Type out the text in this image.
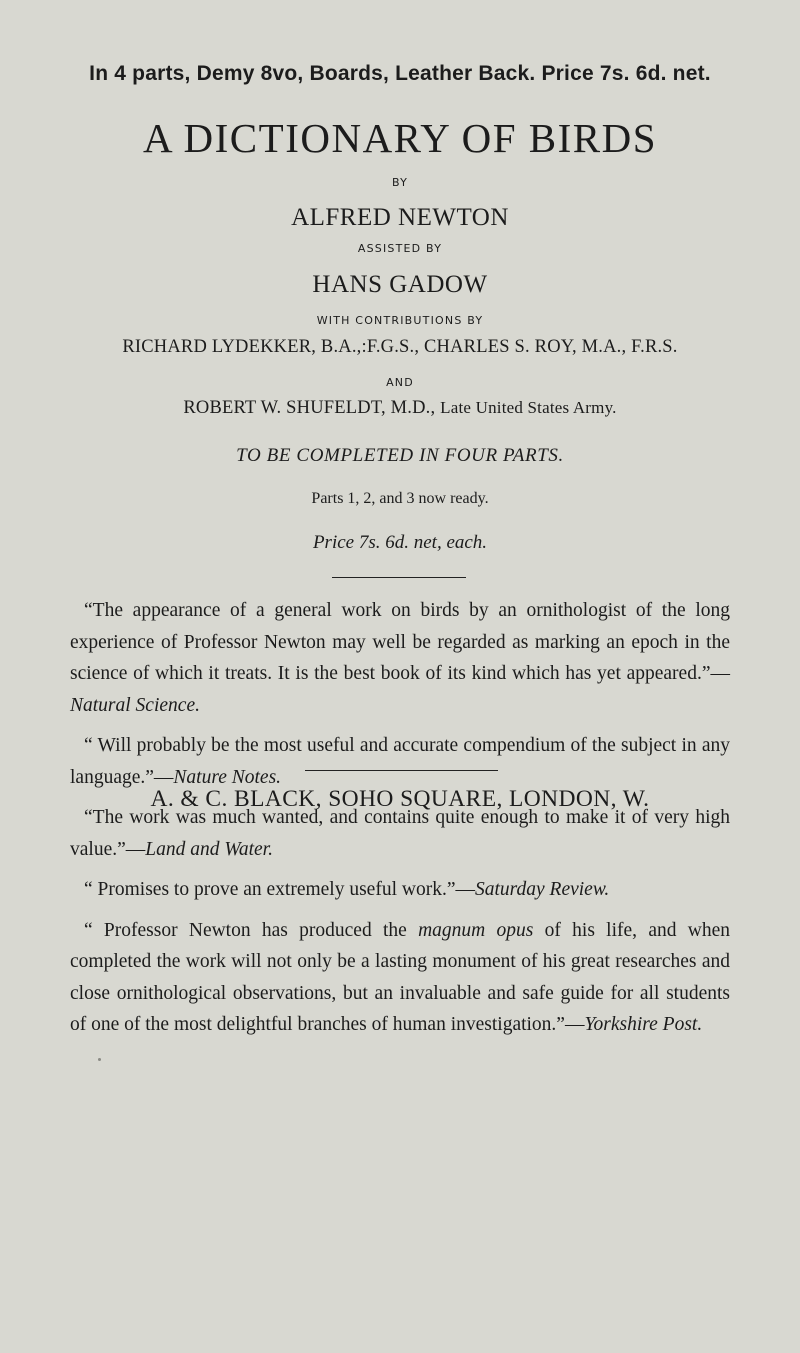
In 4 parts, Demy 8vo, Boards, Leather Back. Price 7s. 6d. net.
A DICTIONARY OF BIRDS
BY
ALFRED NEWTON
ASSISTED BY
HANS GADOW
WITH CONTRIBUTIONS BY
RICHARD LYDEKKER, B.A.,:F.G.S., CHARLES S. ROY, M.A., F.R.S.
AND
ROBERT W. SHUFELDT, M.D., Late United States Army.
TO BE COMPLETED IN FOUR PARTS.
Parts 1, 2, and 3 now ready.
Price 7s. 6d. net, each.

“The appearance of a general work on birds by an ornithologist of the long experience of Professor Newton may well be regarded as marking an epoch in the science of which it treats. It is the best book of its kind which has yet appeared.”—Natural Science.

“ Will probably be the most useful and accurate compendium of the subject in any language.”—Nature Notes.

“The work was much wanted, and contains quite enough to make it of very high value.”—Land and Water.

“ Promises to prove an extremely useful work.”—Saturday Review.

“ Professor Newton has produced the magnum opus of his life, and when completed the work will not only be a lasting monument of his great researches and close ornithological observations, but an invaluable and safe guide for all students of one of the most delightful branches of human investigation.”—Yorkshire Post.

A. & C. BLACK, SOHO SQUARE, LONDON, W.
